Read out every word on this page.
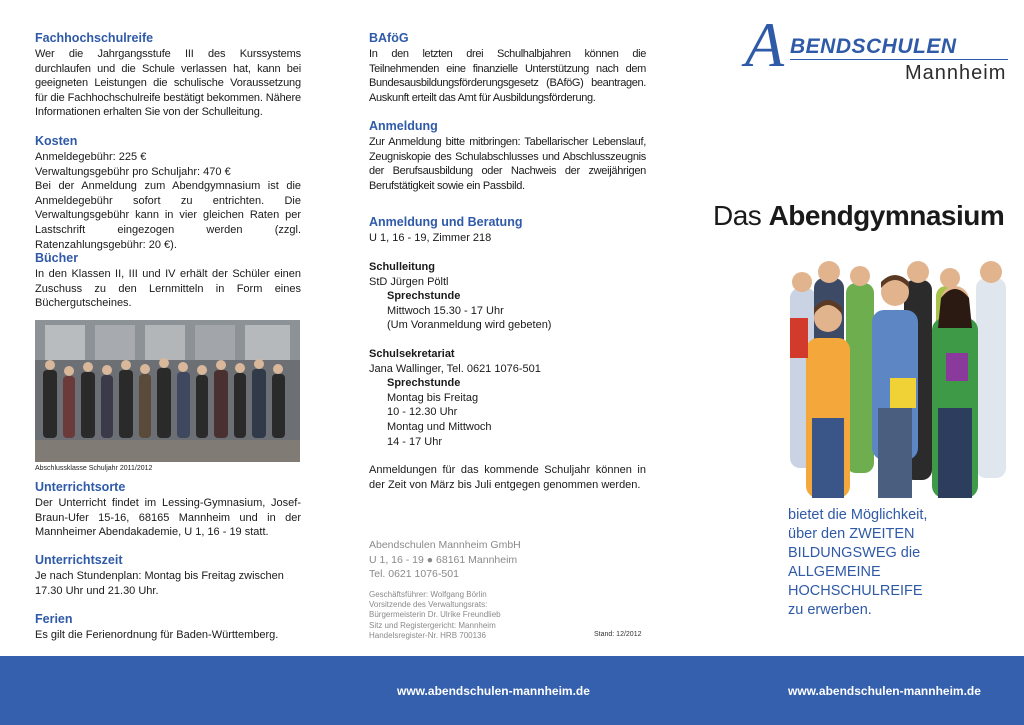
Fachhochschulreife

Wer die Jahrgangsstufe III des Kurssystems durchlaufen und die Schule verlassen hat, kann bei geeigneten Leistungen die schulische Voraussetzung für die Fachhochschulreife bestätigt bekommen. Nähere Informationen erhalten Sie von der Schulleitung.

Kosten

Anmeldegebühr: 225 €

Verwaltungsgebühr pro Schuljahr: 470 €

Bei der Anmeldung zum Abendgymnasium ist die Anmeldegebühr sofort zu entrichten. Die Verwaltungsgebühr kann in vier gleichen Raten per Lastschrift eingezogen werden (zzgl. Ratenzahlungsgebühr: 20 €).

Bücher

In den Klassen II, III und IV erhält der Schüler einen Zuschuss zu den Lernmitteln in Form eines Büchergutscheines.

Abschlussklasse Schuljahr 2011/2012
Unterrichtsorte

Der Unterricht findet im Lessing-Gymnasium, Josef-Braun-Ufer 15-16, 68165 Mannheim und in der Mannheimer Abendakademie, U 1, 16 - 19 statt.

Unterrichtszeit

Je nach Stundenplan: Montag bis Freitag zwischen 17.30 Uhr und 21.30 Uhr.

Ferien

Es gilt die Ferienordnung für Baden-Württemberg.

BAföG

In den letzten drei Schulhalbjahren können die Teilnehmenden eine finanzielle Unterstützung nach dem Bundesausbildungsförderungsgesetz (BAföG) beantragen. Auskunft erteilt das Amt für Ausbildungsförderung.

Anmeldung

Zur Anmeldung bitte mitbringen: Tabellarischer Lebenslauf, Zeugniskopie des Schulabschlusses und Abschlusszeugnis der Berufsausbildung oder Nachweis der zweijährigen Berufstätigkeit sowie ein Passbild.

Anmeldung und Beratung

U 1, 16 - 19, Zimmer 218

Schulleitung

StD Jürgen Pöltl

Sprechstunde

Mittwoch 15.30 - 17 Uhr

(Um Voranmeldung wird gebeten)

Schulsekretariat

Jana Wallinger, Tel. 0621 1076-501

Sprechstunde

Montag bis Freitag

10 - 12.30 Uhr

Montag und Mittwoch

14 - 17 Uhr

Anmeldungen für das kommende Schuljahr können in der Zeit von März bis Juli entgegen genommen werden.

Abendschulen Mannheim GmbH
U 1, 16 - 19 ● 68161 Mannheim
Tel. 0621 1076-501
Geschäftsführer: Wolfgang Börlin
Vorsitzende des Verwaltungsrats:
Bürgermeisterin Dr. Ulrike Freundlieb
Sitz und Registergericht: Mannheim
Handelsregister-Nr. HRB 700136	Stand: 12/2012
A BENDSCHULEN
Mannheim
Das Abendgymnasium
bietet die Möglichkeit,
über den ZWEITEN
BILDUNGSWEG die
ALLGEMEINE
HOCHSCHULREIFE
zu erwerben.
www.abendschulen-mannheim.de	www.abendschulen-mannheim.de
